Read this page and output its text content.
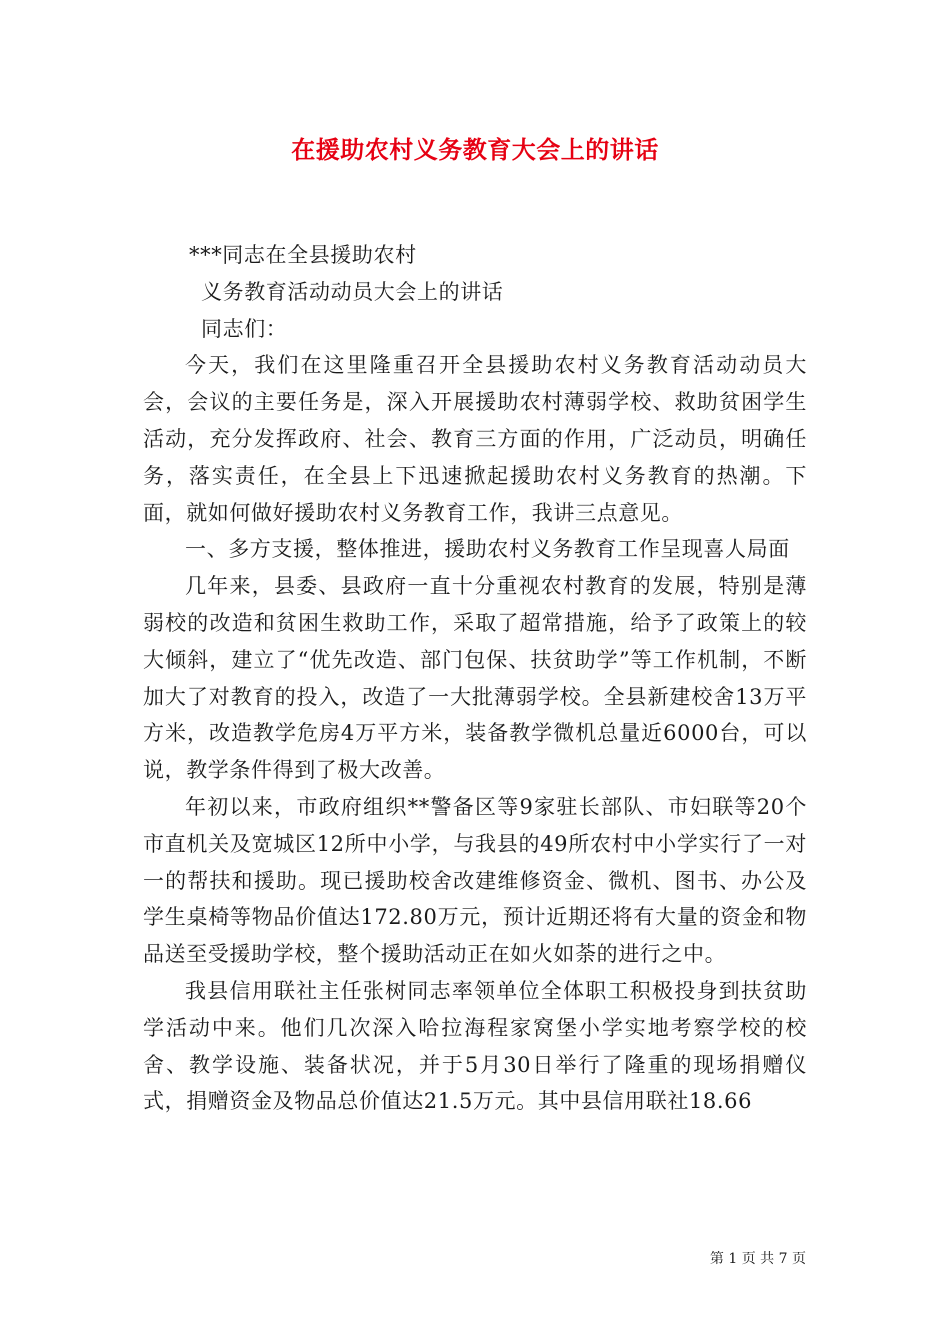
在援助农村义务教育大会上的讲话

***同志在全县援助农村

义务教育活动动员大会上的讲话

同志们：

今天，我们在这里隆重召开全县援助农村义务教育活动动员大会，会议的主要任务是，深入开展援助农村薄弱学校、救助贫困学生活动，充分发挥政府、社会、教育三方面的作用，广泛动员，明确任务，落实责任，在全县上下迅速掀起援助农村义务教育的热潮。下面，就如何做好援助农村义务教育工作，我讲三点意见。

一、多方支援，整体推进，援助农村义务教育工作呈现喜人局面

几年来，县委、县政府一直十分重视农村教育的发展，特别是薄弱校的改造和贫困生救助工作，采取了超常措施，给予了政策上的较大倾斜，建立了“优先改造、部门包保、扶贫助学”等工作机制，不断加大了对教育的投入，改造了一大批薄弱学校。全县新建校舍13万平方米，改造教学危房4万平方米，装备教学微机总量近6000台，可以说，教学条件得到了极大改善。

年初以来，市政府组织**警备区等9家驻长部队、市妇联等20个市直机关及宽城区12所中小学，与我县的49所农村中小学实行了一对一的帮扶和援助。现已援助校舍改建维修资金、微机、图书、办公及学生桌椅等物品价值达172.80万元，预计近期还将有大量的资金和物品送至受援助学校，整个援助活动正在如火如荼的进行之中。

我县信用联社主任张树同志率领单位全体职工积极投身到扶贫助学活动中来。他们几次深入哈拉海程家窝堡小学实地考察学校的校舍、教学设施、装备状况，并于5月30日举行了隆重的现场捐赠仪式，捐赠资金及物品总价值达21.5万元。其中县信用联社18.66

第 1 页 共 7 页
